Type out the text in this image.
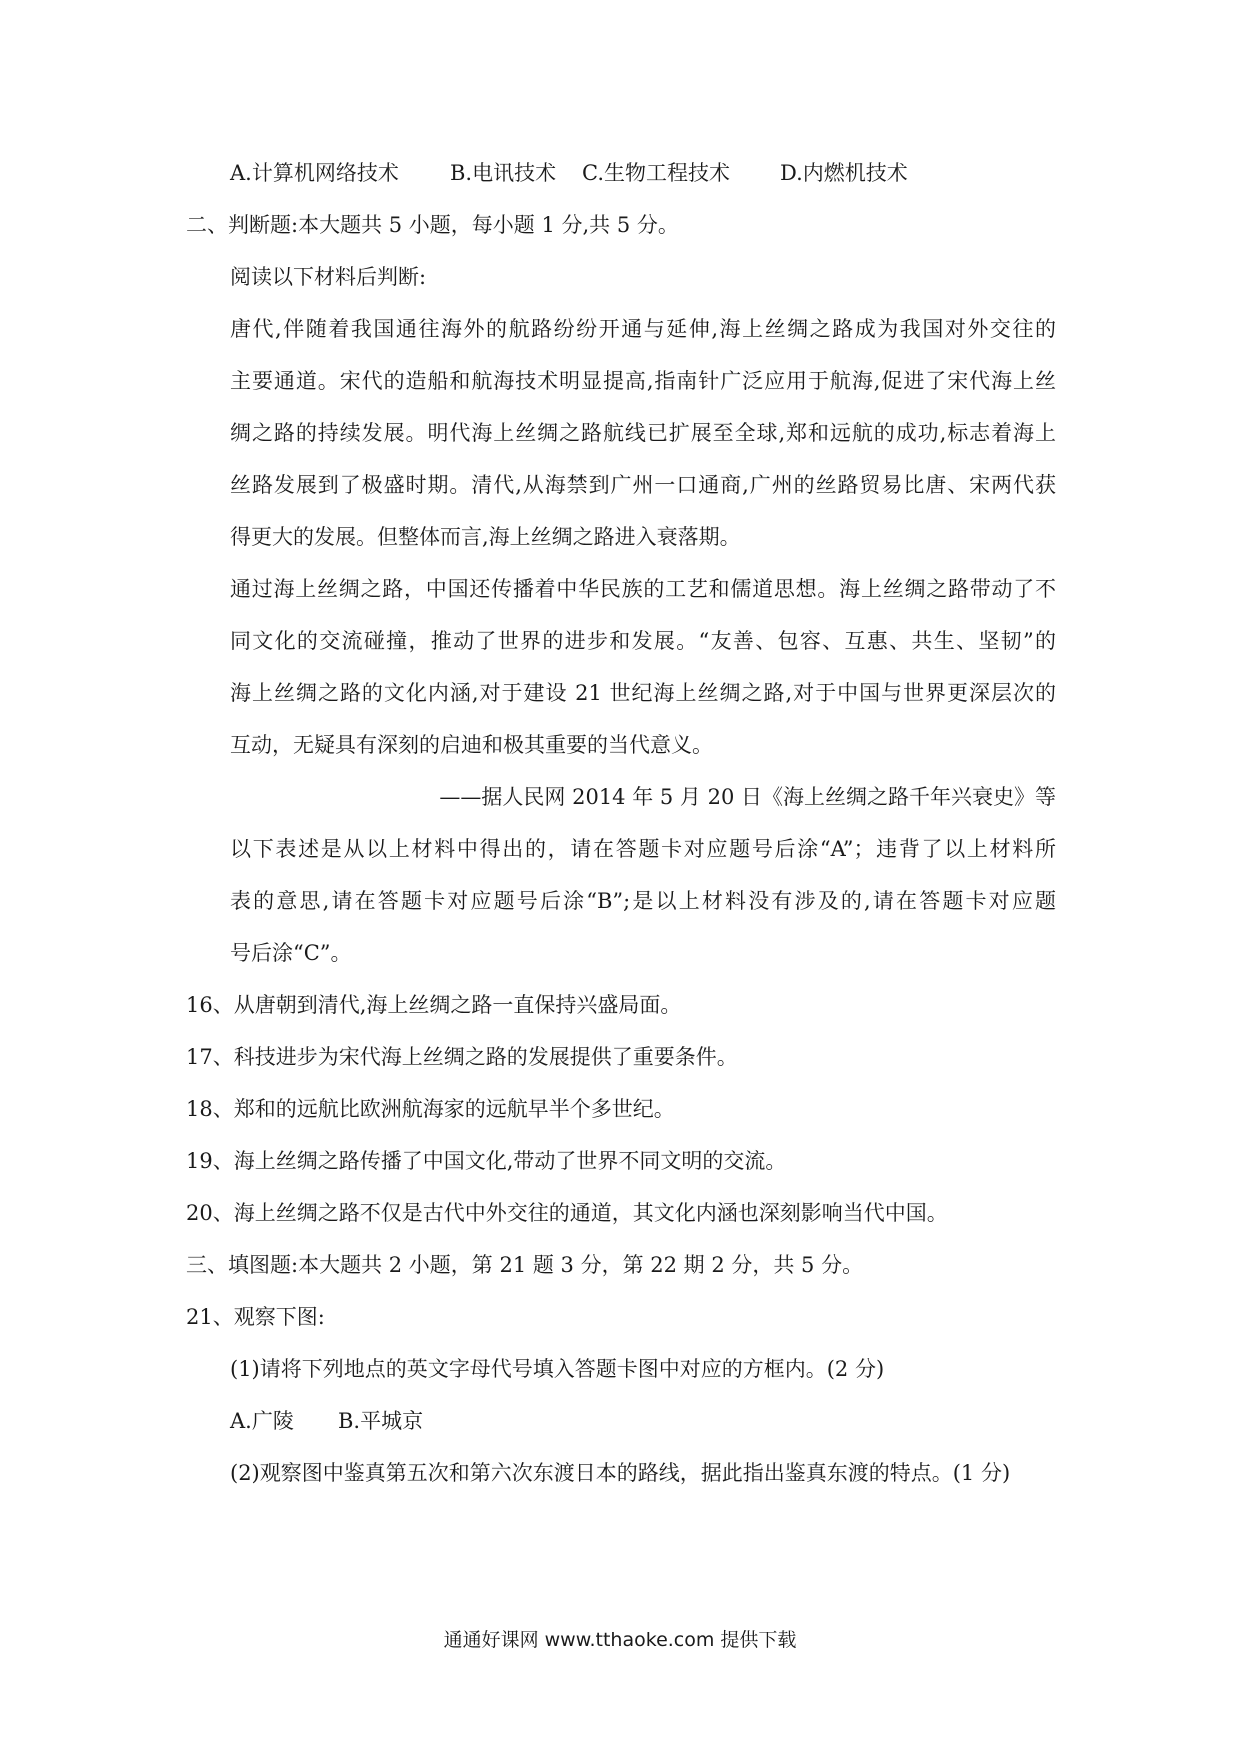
A.计算机网络技术 B.电讯技术 C.生物工程技术 D.内燃机技术
二、判断题:本大题共 5 小题，每小题 1 分,共 5 分。
阅读以下材料后判断:
唐代,伴随着我国通往海外的航路纷纷开通与延伸,海上丝绸之路成为我国对外交往的
主要通道。宋代的造船和航海技术明显提高,指南针广泛应用于航海,促进了宋代海上丝
绸之路的持续发展。明代海上丝绸之路航线已扩展至全球,郑和远航的成功,标志着海上
丝路发展到了极盛时期。清代,从海禁到广州一口通商,广州的丝路贸易比唐、宋两代获
得更大的发展。但整体而言,海上丝绸之路进入衰落期。
通过海上丝绸之路，中国还传播着中华民族的工艺和儒道思想。海上丝绸之路带动了不
同文化的交流碰撞，推动了世界的进步和发展。“友善、包容、互惠、共生、坚韧”的
海上丝绸之路的文化内涵,对于建设 21 世纪海上丝绸之路,对于中国与世界更深层次的
互动，无疑具有深刻的启迪和极其重要的当代意义。
——据人民网 2014 年 5 月 20 日《海上丝绸之路千年兴衰史》等
以下表述是从以上材料中得出的，请在答题卡对应题号后涂“A”；违背了以上材料所
表的意思,请在答题卡对应题号后涂“B”;是以上材料没有涉及的,请在答题卡对应题
号后涂“C”。
16、从唐朝到清代,海上丝绸之路一直保持兴盛局面。
17、科技进步为宋代海上丝绸之路的发展提供了重要条件。
18、郑和的远航比欧洲航海家的远航早半个多世纪。
19、海上丝绸之路传播了中国文化,带动了世界不同文明的交流。
20、海上丝绸之路不仅是古代中外交往的通道，其文化内涵也深刻影响当代中国。
三、填图题:本大题共 2 小题，第 21 题 3 分，第 22 期 2 分，共 5 分。
21、观察下图:
(1)请将下列地点的英文字母代号填入答题卡图中对应的方框内。(2 分)
A.广陵 B.平城京
(2)观察图中鉴真第五次和第六次东渡日本的路线，据此指出鉴真东渡的特点。(1 分)
通通好课网 www.tthaoke.com 提供下载
